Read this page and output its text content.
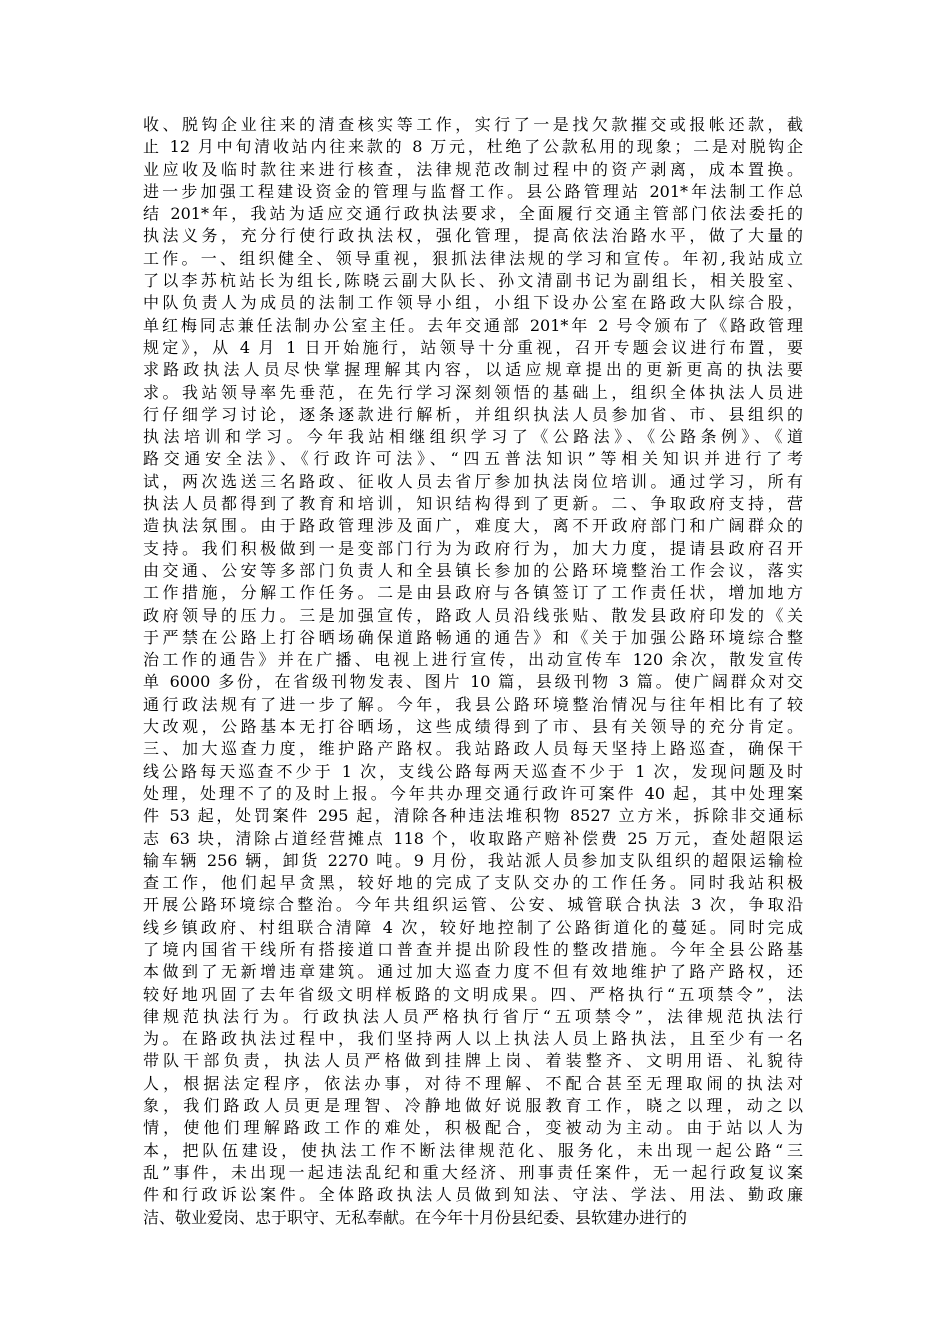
收、脱钩企业往来的清查核实等工作，实行了一是找欠款摧交或报帐还款，截
止 12 月中旬清收站内往来款的 8 万元，杜绝了公款私用的现象；二是对脱钩企
业应收及临时款往来进行核查，法律规范改制过程中的资产剥离，成本置换。
进一步加强工程建设资金的管理与监督工作。县公路管理站 201*年法制工作总
结 201*年，我站为适应交通行政执法要求，全面履行交通主管部门依法委托的
执法义务，充分行使行政执法权，强化管理，提高依法治路水平，做了大量的
工作。一、组织健全、领导重视，狠抓法律法规的学习和宣传。年初,我站成立
了以李苏杭站长为组长,陈晓云副大队长、孙文清副书记为副组长，相关股室、
中队负责人为成员的法制工作领导小组，小组下设办公室在路政大队综合股，
单红梅同志兼任法制办公室主任。去年交通部 201*年 2 号令颁布了《路政管理
规定》，从 4 月 1 日开始施行，站领导十分重视，召开专题会议进行布置，要
求路政执法人员尽快掌握理解其内容，以适应规章提出的更新更高的执法要
求。我站领导率先垂范，在先行学习深刻领悟的基础上，组织全体执法人员进
行仔细学习讨论，逐条逐款进行解析，并组织执法人员参加省、市、县组织的
执法培训和学习。今年我站相继组织学习了《公路法》、《公路条例》、《道
路交通安全法》、《行政许可法》、“四五普法知识”等相关知识并进行了考
试，两次选送三名路政、征收人员去省厅参加执法岗位培训。通过学习，所有
执法人员都得到了教育和培训，知识结构得到了更新。二、争取政府支持，营
造执法氛围。由于路政管理涉及面广，难度大，离不开政府部门和广阔群众的
支持。我们积极做到一是变部门行为为政府行为，加大力度，提请县政府召开
由交通、公安等多部门负责人和全县镇长参加的公路环境整治工作会议，落实
工作措施，分解工作任务。二是由县政府与各镇签订了工作责任状，增加地方
政府领导的压力。三是加强宣传，路政人员沿线张贴、散发县政府印发的《关
于严禁在公路上打谷晒场确保道路畅通的通告》和《关于加强公路环境综合整
治工作的通告》并在广播、电视上进行宣传，出动宣传车 120 余次，散发宣传
单 6000 多份，在省级刊物发表、图片 10 篇，县级刊物 3 篇。使广阔群众对交
通行政法规有了进一步了解。今年，我县公路环境整治情况与往年相比有了较
大改观，公路基本无打谷晒场，这些成绩得到了市、县有关领导的充分肯定。
三、加大巡查力度，维护路产路权。我站路政人员每天坚持上路巡查，确保干
线公路每天巡查不少于 1 次，支线公路每两天巡查不少于 1 次，发现问题及时
处理，处理不了的及时上报。今年共办理交通行政许可案件 40 起，其中处理案
件 53 起，处罚案件 295 起，清除各种违法堆积物 8527 立方米，拆除非交通标
志 63 块，清除占道经营摊点 118 个，收取路产赔补偿费 25 万元，查处超限运
输车辆 256 辆，卸货 2270 吨。9 月份，我站派人员参加支队组织的超限运输检
查工作，他们起早贪黑，较好地的完成了支队交办的工作任务。同时我站积极
开展公路环境综合整治。今年共组织运管、公安、城管联合执法 3 次，争取沿
线乡镇政府、村组联合清障 4 次，较好地控制了公路街道化的蔓延。同时完成
了境内国省干线所有搭接道口普查并提出阶段性的整改措施。今年全县公路基
本做到了无新增违章建筑。通过加大巡查力度不但有效地维护了路产路权，还
较好地巩固了去年省级文明样板路的文明成果。四、严格执行“五项禁令”，法
律规范执法行为。行政执法人员严格执行省厅“五项禁令”，法律规范执法行
为。在路政执法过程中，我们坚持两人以上执法人员上路执法，且至少有一名
带队干部负责，执法人员严格做到挂牌上岗、着装整齐、文明用语、礼貌待
人，根据法定程序，依法办事，对待不理解、不配合甚至无理取闹的执法对
象，我们路政人员更是理智、冷静地做好说服教育工作，晓之以理，动之以
情，使他们理解路政工作的难处，积极配合，变被动为主动。由于站以人为
本，把队伍建设，使执法工作不断法律规范化、服务化，未出现一起公路“三
乱”事件，未出现一起违法乱纪和重大经济、刑事责任案件，无一起行政复议案
件和行政诉讼案件。全体路政执法人员做到知法、守法、学法、用法、勤政廉
洁、敬业爱岗、忠于职守、无私奉献。在今年十月份县纪委、县软建办进行的
